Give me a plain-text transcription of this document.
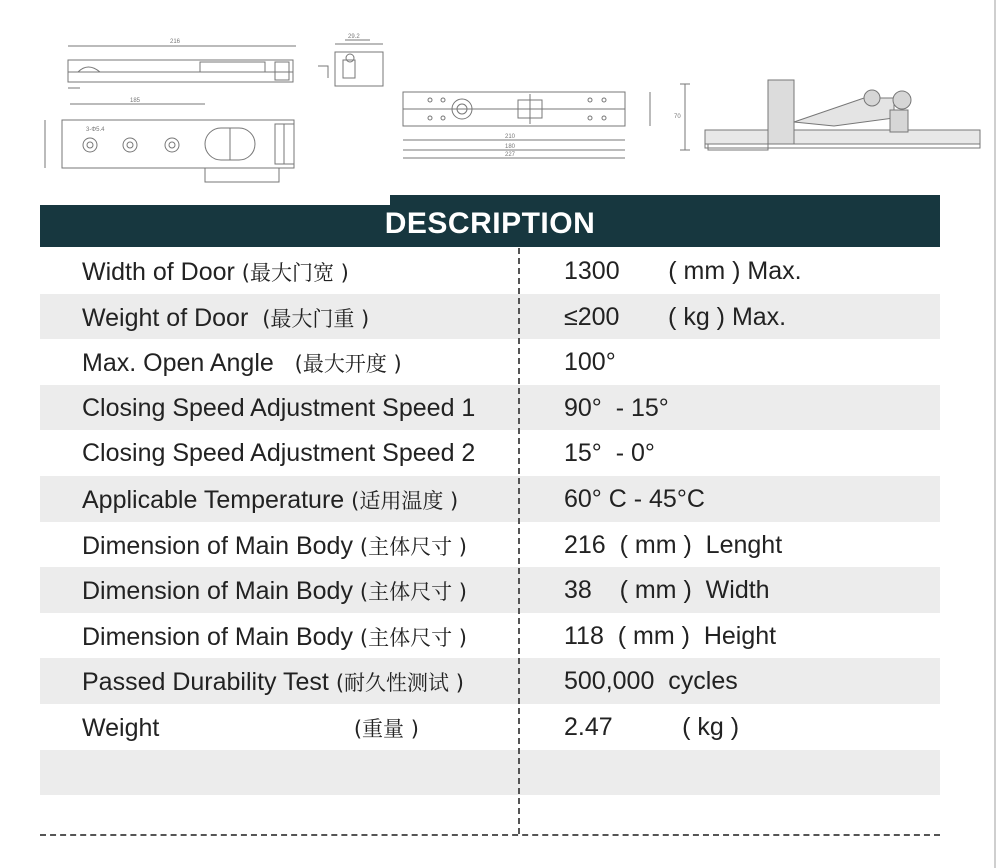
216
29.2
185
3-Φ5.4
210
180
227
70
DESCRIPTION
Width of Door (最大门宽 )	1300       ( mm ) Max.
Weight of Door  (最大门重 )	≤200       ( kg ) Max.
Max. Open Angle   (最大开度 )	100°
Closing Speed Adjustment Speed 1	90°  - 15°
Closing Speed Adjustment Speed 2	15°  - 0°
Applicable Temperature (适用温度 )	60° C - 45°C
Dimension of Main Body (主体尺寸 )	216  ( mm )  Lenght
Dimension of Main Body (主体尺寸 )	38    ( mm )  Width
Dimension of Main Body (主体尺寸 )	118  ( mm )  Height
Passed Durability Test (耐久性测试 )	500,000  cycles
Weight                            (重量 )	2.47          ( kg )
